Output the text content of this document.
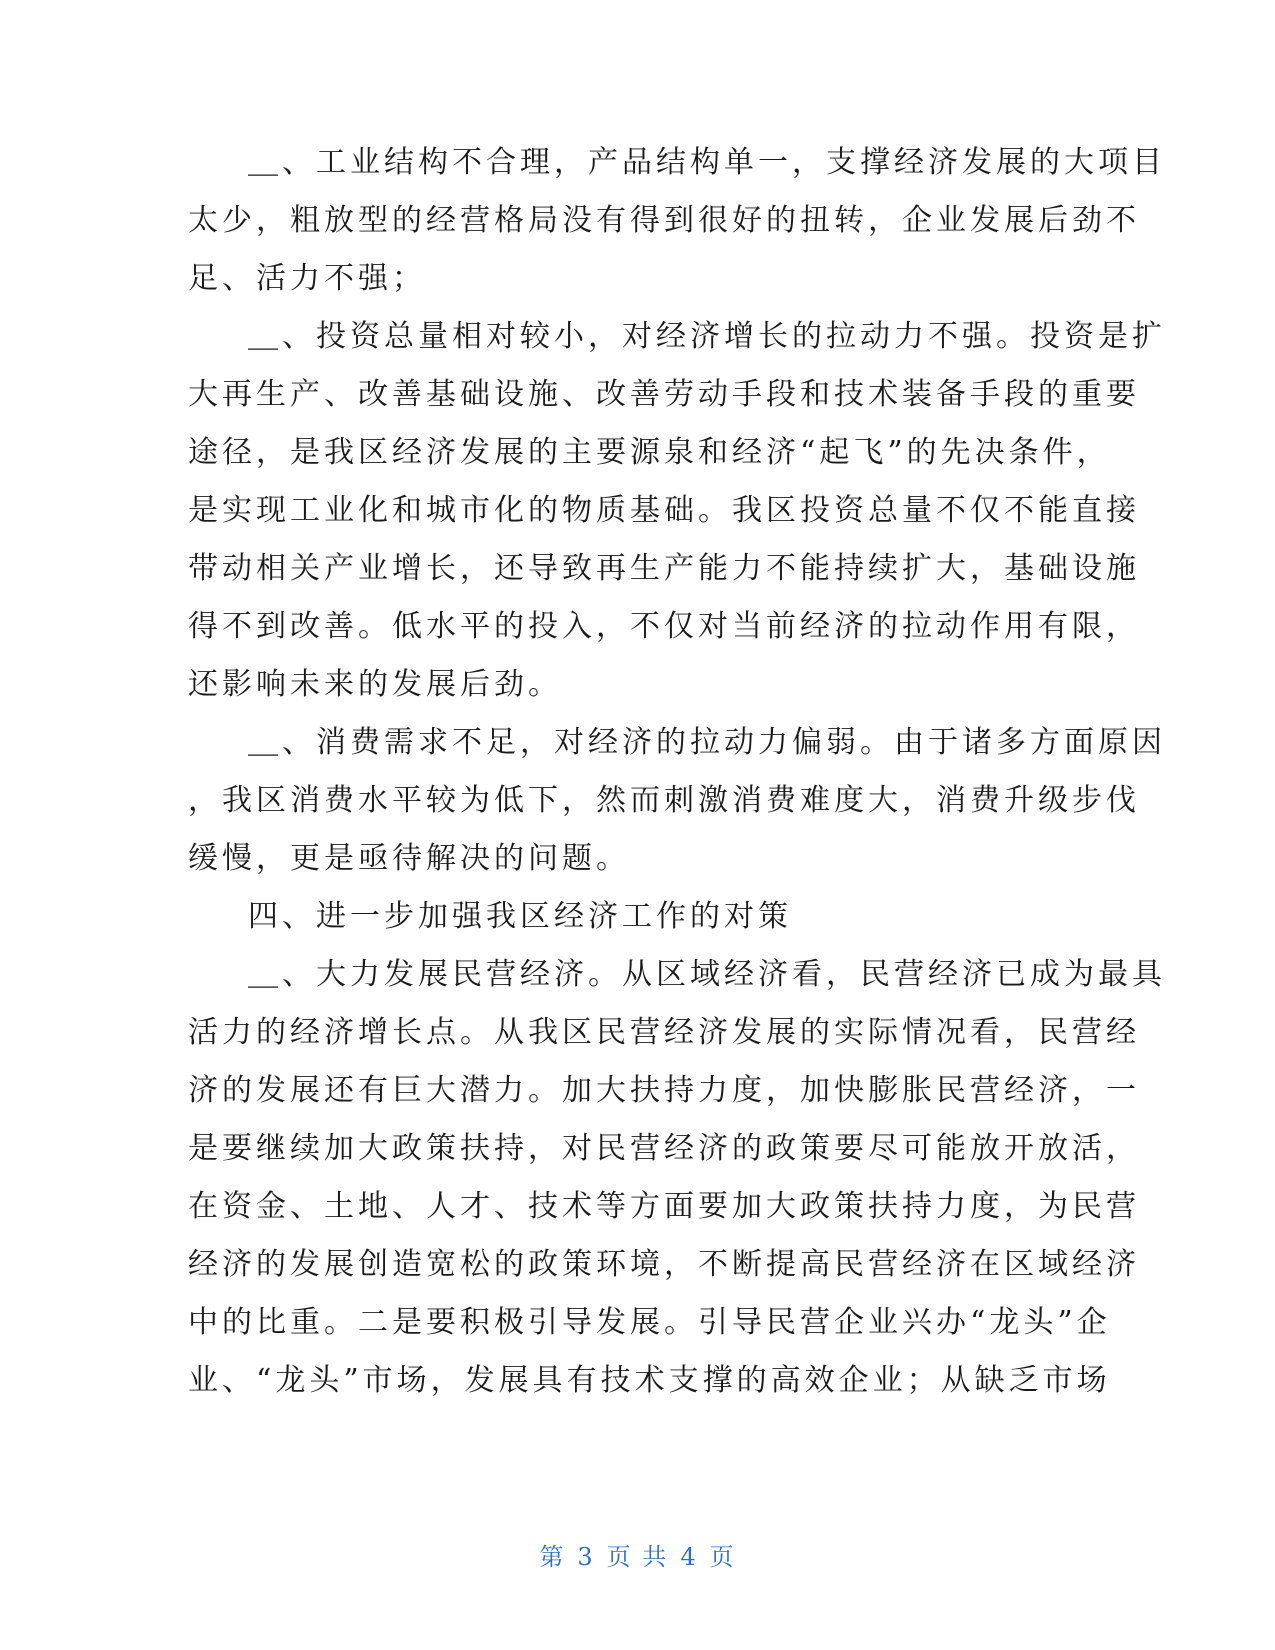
＿、工业结构不合理，产品结构单一，支撑经济发展的大项目
太少，粗放型的经营格局没有得到很好的扭转，企业发展后劲不
足、活力不强；
＿、投资总量相对较小，对经济增长的拉动力不强。投资是扩
大再生产、改善基础设施、改善劳动手段和技术装备手段的重要
途径，是我区经济发展的主要源泉和经济“起飞”的先决条件，
是实现工业化和城市化的物质基础。我区投资总量不仅不能直接
带动相关产业增长，还导致再生产能力不能持续扩大，基础设施
得不到改善。低水平的投入，不仅对当前经济的拉动作用有限，
还影响未来的发展后劲。
＿、消费需求不足，对经济的拉动力偏弱。由于诸多方面原因
，我区消费水平较为低下，然而刺激消费难度大，消费升级步伐
缓慢，更是亟待解决的问题。
四、进一步加强我区经济工作的对策
＿、大力发展民营经济。从区域经济看，民营经济已成为最具
活力的经济增长点。从我区民营经济发展的实际情况看，民营经
济的发展还有巨大潜力。加大扶持力度，加快膨胀民营经济，一
是要继续加大政策扶持，对民营经济的政策要尽可能放开放活，
在资金、土地、人才、技术等方面要加大政策扶持力度，为民营
经济的发展创造宽松的政策环境，不断提高民营经济在区域经济
中的比重。二是要积极引导发展。引导民营企业兴办“龙头”企
业、“龙头”市场，发展具有技术支撑的高效企业；从缺乏市场
第 3 页 共 4 页
